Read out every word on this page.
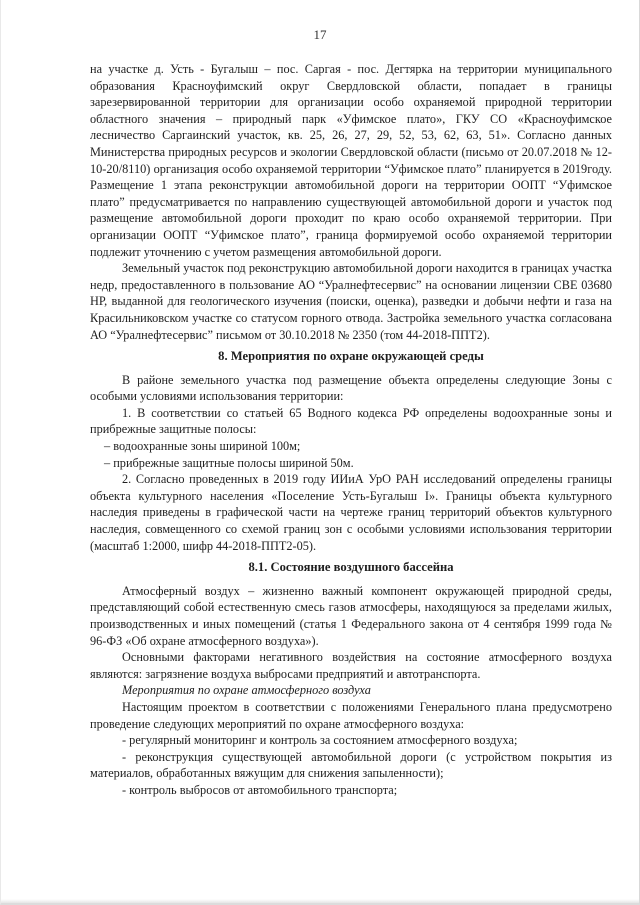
17

на участке д. Усть - Бугалыш – пос. Саргая - пос. Дегтярка на территории муниципального образования Красноуфимский округ Свердловской области, попадает в границы зарезервированной территории для организации особо охраняемой природной территории областного значения – природный парк «Уфимское плато», ГКУ СО «Красноуфимское лесничество Саргаинский участок, кв. 25, 26, 27, 29, 52, 53, 62, 63, 51». Согласно данных Министерства природных ресурсов и экологии Свердловской области (письмо от 20.07.2018 № 12-10-20/8110) организация особо охраняемой территории “Уфимское плато” планируется в 2019году. Размещение 1 этапа реконструкции автомобильной дороги на территории ООПТ “Уфимское плато” предусматривается по направлению существующей автомобильной дороги и участок под размещение автомобильной дороги проходит по краю особо охраняемой территории. При организации ООПТ “Уфимское плато”, граница формируемой особо охраняемой территории подлежит уточнению с учетом размещения автомобильной дороги.

Земельный участок под реконструкцию автомобильной дороги находится в границах участка недр, предоставленного в пользование АО “Уралнефтесервис” на основании лицензии СВЕ 03680 НР, выданной для геологического изучения (поиски, оценка), разведки и добычи нефти и газа на Красильниковском участке со статусом горного отвода. Застройка земельного участка согласована АО “Уралнефтесервис” письмом от 30.10.2018 № 2350 (том 44-2018-ППТ2).

8. Мероприятия по охране окружающей среды

В районе земельного участка под размещение объекта определены следующие Зоны с особыми условиями использования территории:

1. В соответствии со статьей 65 Водного кодекса РФ определены водоохранные зоны и прибрежные защитные полосы:

– водоохранные зоны шириной 100м;

– прибрежные защитные полосы шириной 50м.

2. Согласно проведенных в 2019 году ИИиА УрО РАН исследований определены границы объекта культурного населения «Поселение Усть-Бугалыш I». Границы объекта культурного наследия приведены в графической части на чертеже границ территорий объектов культурного наследия, совмещенного со схемой границ зон с особыми условиями использования территории (масштаб 1:2000, шифр 44-2018-ППТ2-05).

8.1. Состояние воздушного бассейна

Атмосферный воздух – жизненно важный компонент окружающей природной среды, представляющий собой естественную смесь газов атмосферы, находящуюся за пределами жилых, производственных и иных помещений (статья 1 Федерального закона от 4 сентября 1999 года № 96-ФЗ «Об охране атмосферного воздуха»).

Основными факторами негативного воздействия на состояние атмосферного воздуха являются: загрязнение воздуха выбросами предприятий и автотранспорта.

Мероприятия по охране атмосферного воздуха

Настоящим проектом в соответствии с положениями Генерального плана предусмотрено проведение следующих мероприятий по охране атмосферного воздуха:

- регулярный мониторинг и контроль за состоянием атмосферного воздуха;

- реконструкция существующей автомобильной дороги (с устройством покрытия из материалов, обработанных вяжущим для снижения запыленности);

- контроль выбросов от автомобильного транспорта;
